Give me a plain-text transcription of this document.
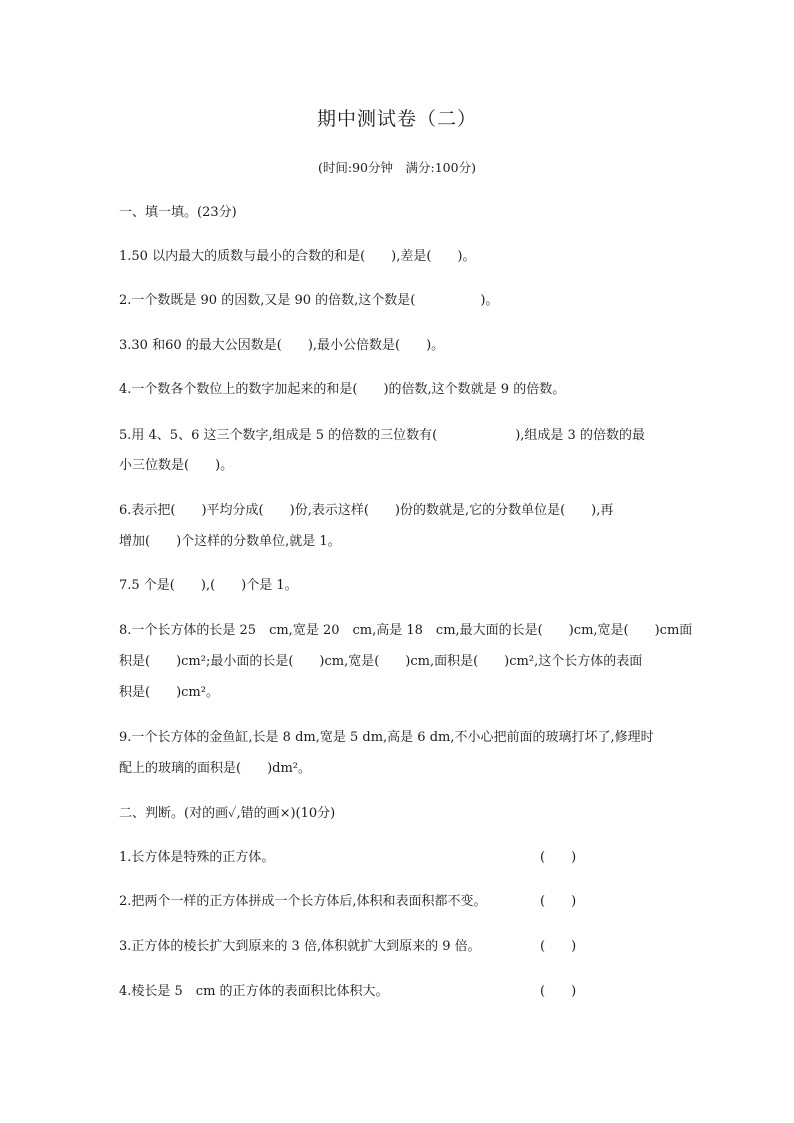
期中测试卷（二）
(时间:90分钟　满分:100分)
一、填一填。(23分)
1.50 以内最大的质数与最小的合数的和是(　　),差是(　　)。
2.一个数既是 90 的因数,又是 90 的倍数,这个数是(　　　　　)。
3.30 和60 的最大公因数是(　　),最小公倍数是(　　)。
4.一个数各个数位上的数字加起来的和是(　　)的倍数,这个数就是 9 的倍数。
5.用 4、5、6 这三个数字,组成是 5 的倍数的三位数有(　　　　　　),组成是 3 的倍数的最
小三位数是(　　)。
6.表示把(　　)平均分成(　　)份,表示这样(　　)份的数就是,它的分数单位是(　　),再
增加(　　)个这样的分数单位,就是 1。
7.5 个是(　　),(　　)个是 1。
8.一个长方体的长是 25　cm,宽是 20　cm,高是 18　cm,最大面的长是(　　)cm,宽是(　　)cm面
积是(　　)cm²;最小面的长是(　　)cm,宽是(　　)cm,面积是(　　)cm²,这个长方体的表面
积是(　　)cm²。
9.一个长方体的金鱼缸,长是 8 dm,宽是 5 dm,高是 6 dm,不小心把前面的玻璃打坏了,修理时
配上的玻璃的面积是(　　)dm²。
二、判断。(对的画✓,错的画×)(10分)
1.长方体是特殊的正方体。	(　　)
2.把两个一样的正方体拼成一个长方体后,体积和表面积都不变。	(　　)
3.正方体的棱长扩大到原来的 3 倍,体积就扩大到原来的 9 倍。	(　　)
4.棱长是 5　cm 的正方体的表面积比体积大。	(　　)
